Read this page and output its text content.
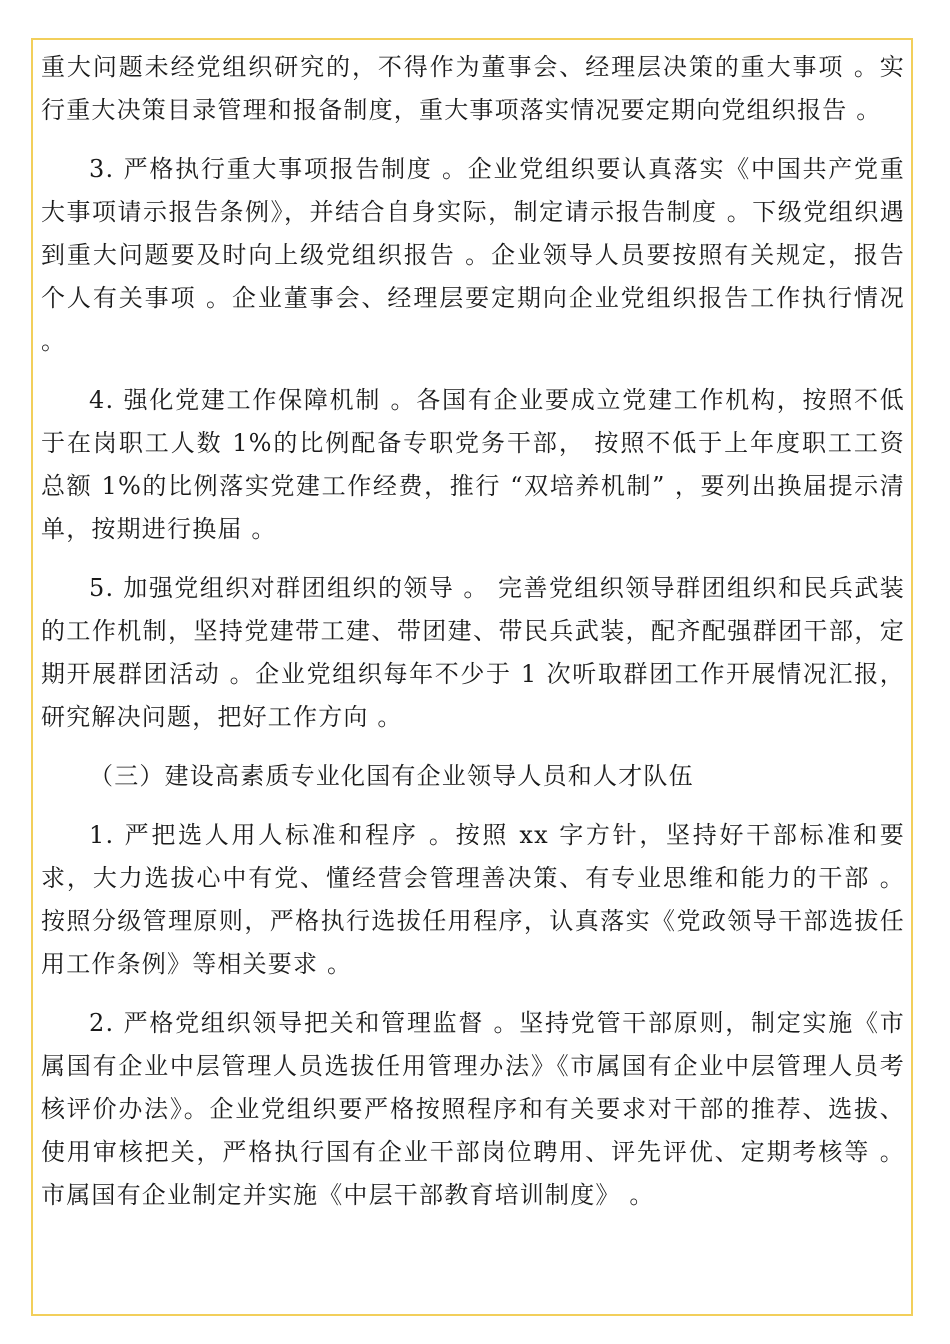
重大问题未经党组织研究的，不得作为董事会、经理层决策的重大事项 。实行重大决策目录管理和报备制度，重大事项落实情况要定期向党组织报告 。

3. 严格执行重大事项报告制度 。企业党组织要认真落实《中国共产党重大事项请示报告条例》，并结合自身实际，制定请示报告制度 。下级党组织遇到重大问题要及时向上级党组织报告 。企业领导人员要按照有关规定，报告个人有关事项 。企业董事会、经理层要定期向企业党组织报告工作执行情况 。

4. 强化党建工作保障机制 。各国有企业要成立党建工作机构，按照不低于在岗职工人数 1%的比例配备专职党务干部， 按照不低于上年度职工工资总额 1%的比例落实党建工作经费，推行 “双培养机制” ，要列出换届提示清单，按期进行换届 。

5. 加强党组织对群团组织的领导 。 完善党组织领导群团组织和民兵武装的工作机制，坚持党建带工建、带团建、带民兵武装，配齐配强群团干部，定期开展群团活动 。企业党组织每年不少于 1 次听取群团工作开展情况汇报，研究解决问题，把好工作方向 。

（三）建设高素质专业化国有企业领导人员和人才队伍

1. 严把选人用人标准和程序 。按照 xx 字方针，坚持好干部标准和要求，大力选拔心中有党、懂经营会管理善决策、有专业思维和能力的干部 。按照分级管理原则，严格执行选拔任用程序，认真落实《党政领导干部选拔任用工作条例》等相关要求 。

2. 严格党组织领导把关和管理监督 。坚持党管干部原则，制定实施《市属国有企业中层管理人员选拔任用管理办法》《市属国有企业中层管理人员考核评价办法》。企业党组织要严格按照程序和有关要求对干部的推荐、选拔、使用审核把关，严格执行国有企业干部岗位聘用、评先评优、定期考核等 。市属国有企业制定并实施《中层干部教育培训制度》 。
